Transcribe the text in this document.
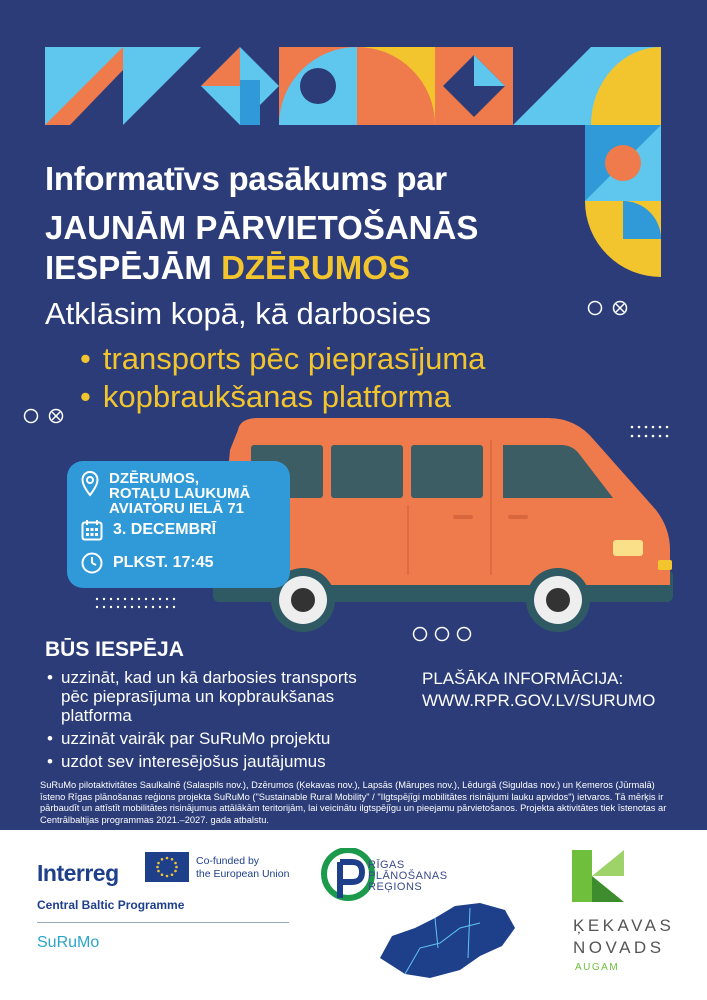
Informatīvs pasākums par
JAUNĀM PĀRVIETOŠANĀS
IESPĒJĀM DZĒRUMOS
Atklāsim kopā, kā darbosies
• transports pēc pieprasījuma
• kopbraukšanas platforma
DZĒRUMOS,
ROTAĻU LAUKUMĀ
AVIATORU IELĀ 71
3. DECEMBRĪ
PLKST. 17:45
BŪS IESPĒJA
• uzzināt, kad un kā darbosies transports pēc pieprasījuma un kopbraukšanas platforma
• uzzināt vairāk par SuRuMo projektu
• uzdot sev interesējošus jautājumus
PLAŠĀKA INFORMĀCIJA:
WWW.RPR.GOV.LV/SURUMO
SuRuMo pilotaktivitātes Saulkalnē (Salaspils nov.), Dzērumos (Ķekavas nov.), Lapsās (Mārupes nov.), Lēdurgā (Siguldas nov.) un Ķemeros (Jūrmalā) īsteno Rīgas plānošanas reģions projekta SuRuMo ("Sustainable Rural Mobility" / "Ilgtspējīgi mobilitātes risinājumi lauku apvidos") ietvaros. Tā mērķis ir pārbaudīt un attīstīt mobilitātes risinājumus attālākām teritorijām, lai veicinātu ilgtspējīgu un pieejamu pārvietošanos. Projekta aktivitātes tiek īstenotas ar Centrālbaltijas programmas 2021.–2027. gada atbalstu.
Interreg	Co-funded by
the European Union
Central Baltic Programme
SuRuMo
RĪGAS
PLĀNOŠANAS
REĢIONS
ĶEKAVAS
NOVADS
AUGAM
